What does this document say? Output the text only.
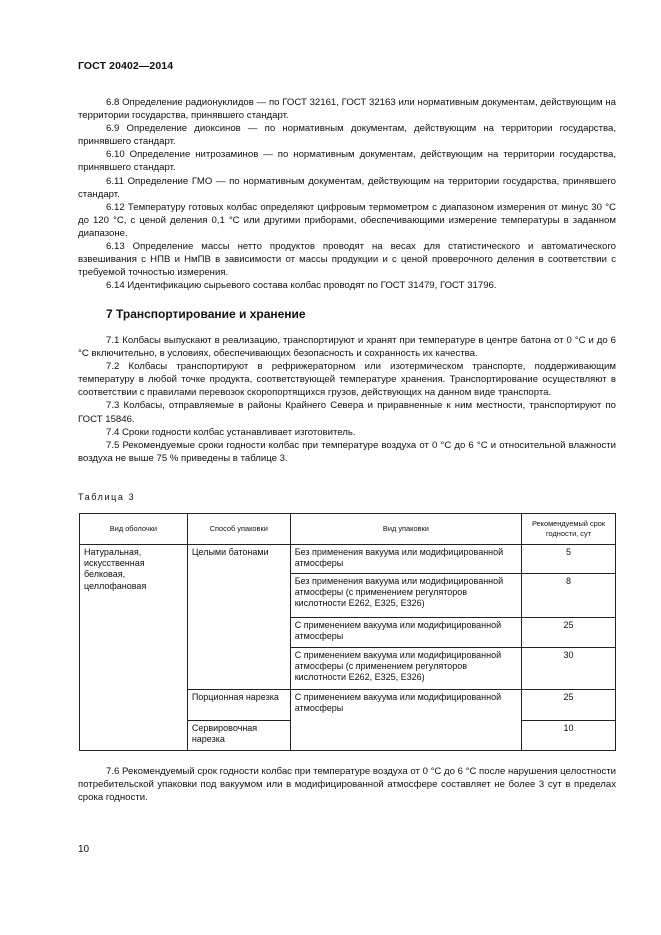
ГОСТ 20402—2014

6.8 Определение радионуклидов — по ГОСТ 32161, ГОСТ 32163 или нормативным документам, действующим на территории государства, принявшего стандарт.

6.9 Определение диоксинов — по нормативным документам, действующим на территории государства, принявшего стандарт.

6.10 Определение нитрозаминов — по нормативным документам, действующим на территории государства, принявшего стандарт.

6.11 Определение ГМО — по нормативным документам, действующим на территории государства, принявшего стандарт.

6.12 Температуру готовых колбас определяют цифровым термометром с диапазоном измерения от минус 30 °С до 120 °С, с ценой деления 0,1 °С или другими приборами, обеспечивающими измерение температуры в заданном диапазоне.

6.13 Определение массы нетто продуктов проводят на весах для статистического и автоматического взвешивания с НПВ и НмПВ в зависимости от массы продукции и с ценой проверочного деления в соответствии с требуемой точностью измерения.

6.14 Идентификацию сырьевого состава колбас проводят по ГОСТ 31479, ГОСТ 31796.

7 Транспортирование и хранение

7.1 Колбасы выпускают в реализацию, транспортируют и хранят при температуре в центре батона от 0 °С и до 6 °С включительно, в условиях, обеспечивающих безопасность и сохранность их качества.

7.2 Колбасы транспортируют в рефрижераторном или изотермическом транспорте, поддерживающим температуру в любой точке продукта, соответствующей температуре хранения. Транспортирование осуществляют в соответствии с правилами перевозок скоропортящихся грузов, действующих на данном виде транспорта.

7.3 Колбасы, отправляемые в районы Крайнего Севера и приравненные к ним местности, транспортируют по ГОСТ 15846.

7.4 Сроки годности колбас устанавливает изготовитель.

7.5 Рекомендуемые сроки годности колбас при температуре воздуха от 0 °С до 6 °С и относительной влажности воздуха не выше 75 % приведены в таблице 3.

Таблица 3
Вид оболочки	Способ упаковки	Вид упаковки	Рекомендуемый срок годности, сут
Натуральная, искусственная белковая, целлофановая	Целыми батонами	Без применения вакуума или модифицированной атмосферы	5
		Без применения вакуума или модифицированной атмосферы (с применением регуляторов кислотности Е262, Е325, Е326)	8
		С применением вакуума или модифицированной атмосферы	25
		С применением вакуума или модифицированной атмосферы (с применением регуляторов кислотности Е262, Е325, Е326)	30
	Порционная нарезка	С применением вакуума или модифицированной атмосферы	25
	Сервировочная нарезка		10

7.6 Рекомендуемый срок годности колбас при температуре воздуха от 0 °С до 6 °С после нарушения целостности потребительской упаковки под вакуумом или в модифицированной атмосфере составляет не более 3 сут в пределах срока годности.

10
